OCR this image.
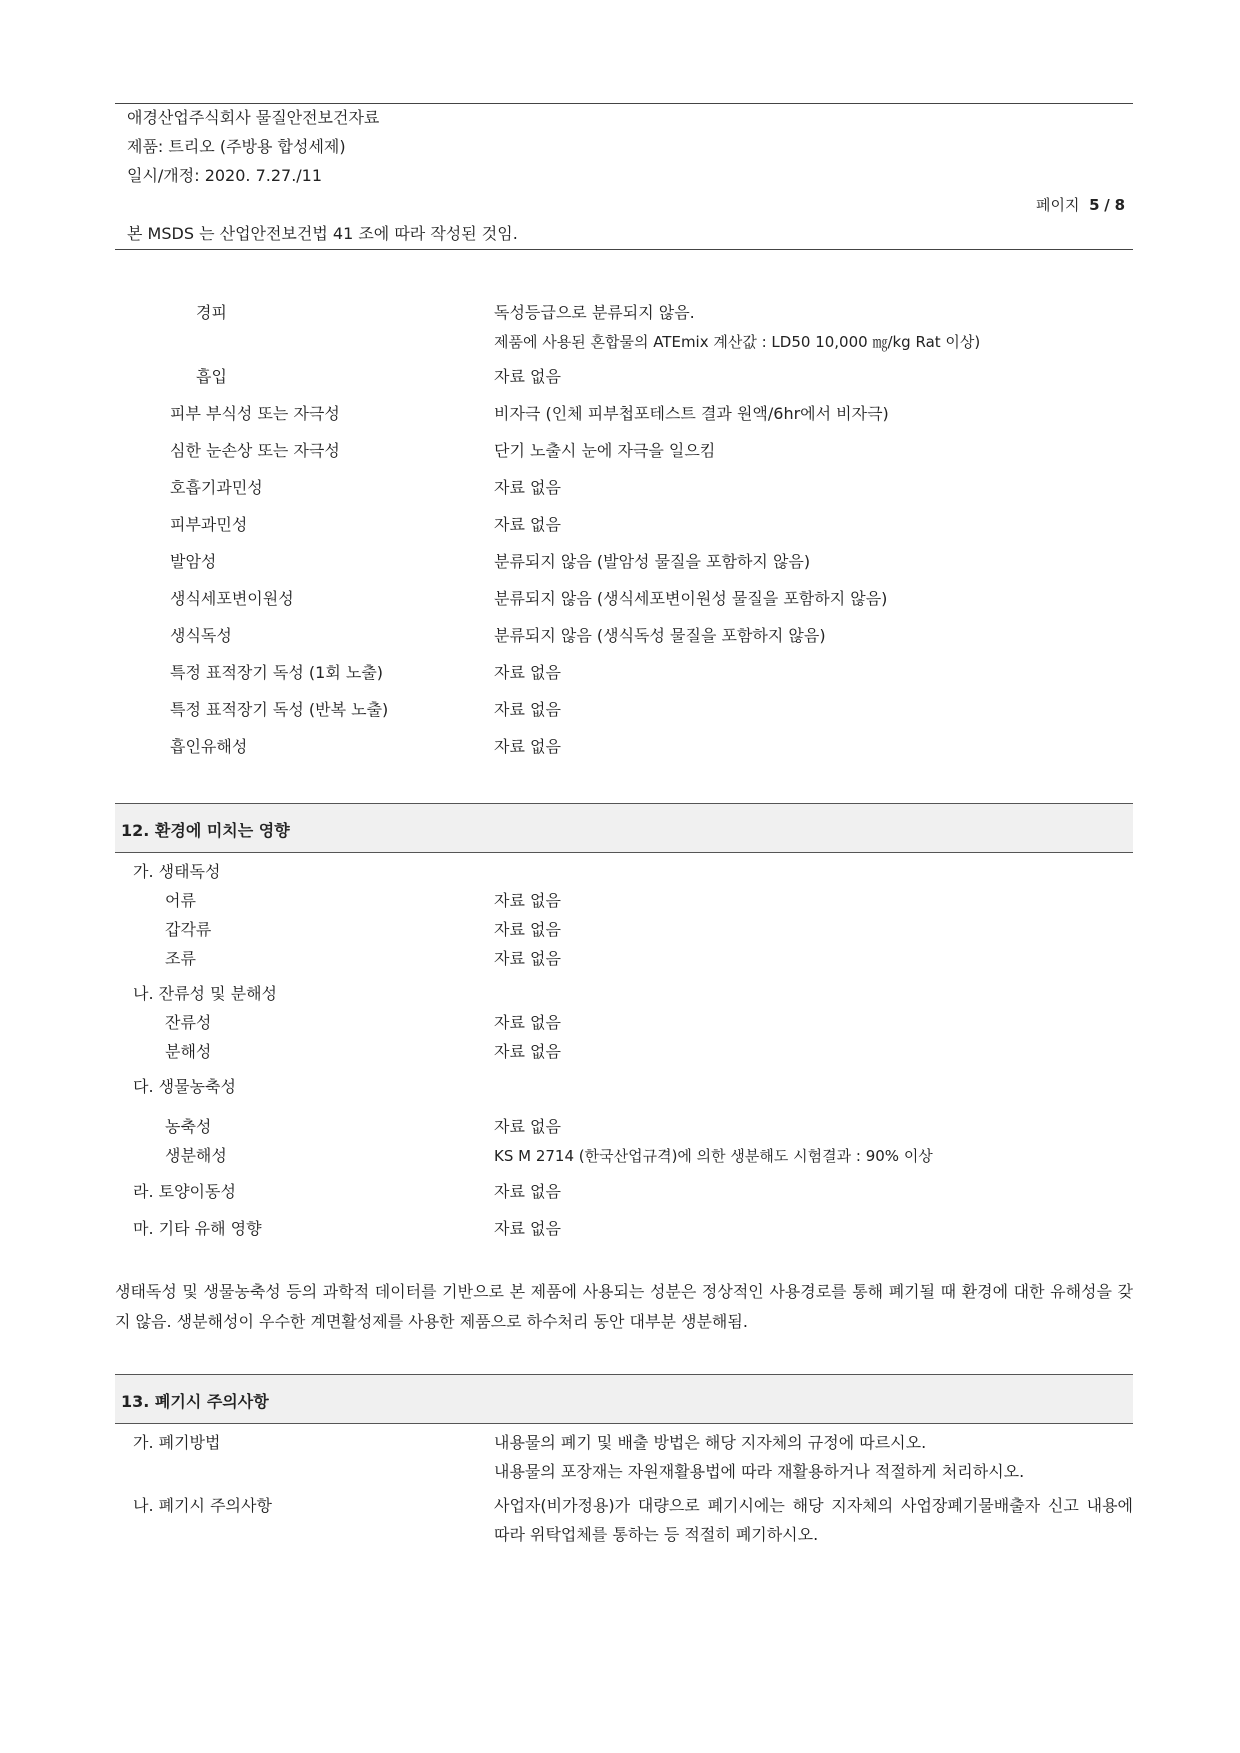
애경산업주식회사 물질안전보건자료
제품: 트리오 (주방용 합성세제)
일시/개정: 2020. 7.27./11
페이지 5 / 8
본 MSDS 는 산업안전보건법 41 조에 따라 작성된 것임.
경피	독성등급으로 분류되지 않음.
제품에 사용된 혼합물의 ATEmix 계산값 : LD50 10,000 ㎎/kg Rat 이상)
흡입	자료 없음
피부 부식성 또는 자극성	비자극 (인체 피부첩포테스트 결과 원액/6hr에서 비자극)
심한 눈손상 또는 자극성	단기 노출시 눈에 자극을 일으킴
호흡기과민성	자료 없음
피부과민성	자료 없음
발암성	분류되지 않음 (발암성 물질을 포함하지 않음)
생식세포변이원성	분류되지 않음 (생식세포변이원성 물질을 포함하지 않음)
생식독성	분류되지 않음 (생식독성 물질을 포함하지 않음)
특정 표적장기 독성 (1회 노출)	자료 없음
특정 표적장기 독성 (반복 노출)	자료 없음
흡인유해성	자료 없음
12. 환경에 미치는 영향
가. 생태독성
어류	자료 없음
갑각류	자료 없음
조류	자료 없음
나. 잔류성 및 분해성
잔류성	자료 없음
분해성	자료 없음
다. 생물농축성
농축성	자료 없음
생분해성	KS M 2714 (한국산업규격)에 의한 생분해도 시험결과 : 90% 이상
라. 토양이동성	자료 없음
마. 기타 유해 영향	자료 없음
생태독성 및 생물농축성 등의 과학적 데이터를 기반으로 본 제품에 사용되는 성분은 정상적인 사용경로를 통해 폐기될 때 환경에 대한 유해성을 갖지 않음. 생분해성이 우수한 계면활성제를 사용한 제품으로 하수처리 동안 대부분 생분해됨.
13. 폐기시 주의사항
가. 폐기방법	내용물의 폐기 및 배출 방법은 해당 지자체의 규정에 따르시오.
내용물의 포장재는 자원재활용법에 따라 재활용하거나 적절하게 처리하시오.
나. 폐기시 주의사항	사업자(비가정용)가 대량으로 폐기시에는 해당 지자체의 사업장폐기물배출자 신고 내용에 따라 위탁업체를 통하는 등 적절히 폐기하시오.
